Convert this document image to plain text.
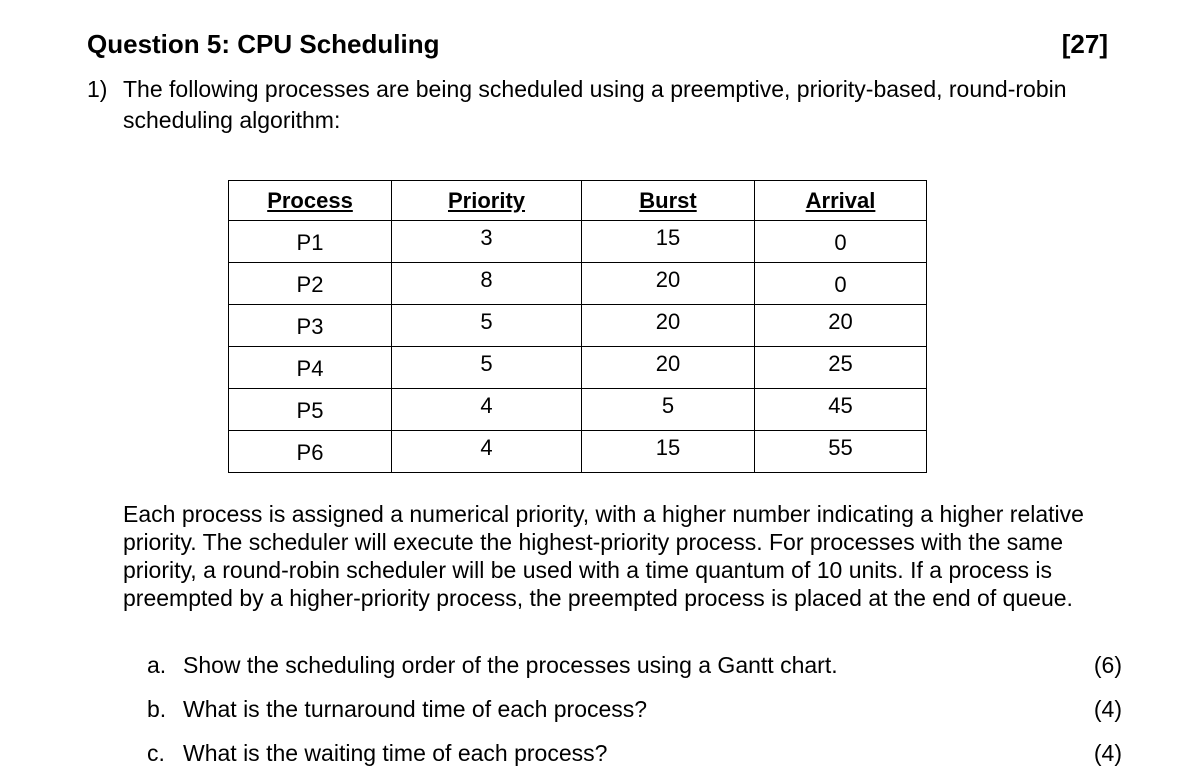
Question 5: CPU Scheduling	[27]
1) The following processes are being scheduled using a preemptive, priority-based, round-robin scheduling algorithm:
Process	Priority	Burst	Arrival
P1	3	15	0
P2	8	20	0
P3	5	20	20
P4	5	20	25
P5	4	5	45
P6	4	15	55
Each process is assigned a numerical priority, with a higher number indicating a higher relative priority. The scheduler will execute the highest-priority process. For processes with the same priority, a round-robin scheduler will be used with a time quantum of 10 units. If a process is preempted by a higher-priority process, the preempted process is placed at the end of queue.
a. Show the scheduling order of the processes using a Gantt chart.	(6)
b. What is the turnaround time of each process?	(4)
c. What is the waiting time of each process?	(4)
